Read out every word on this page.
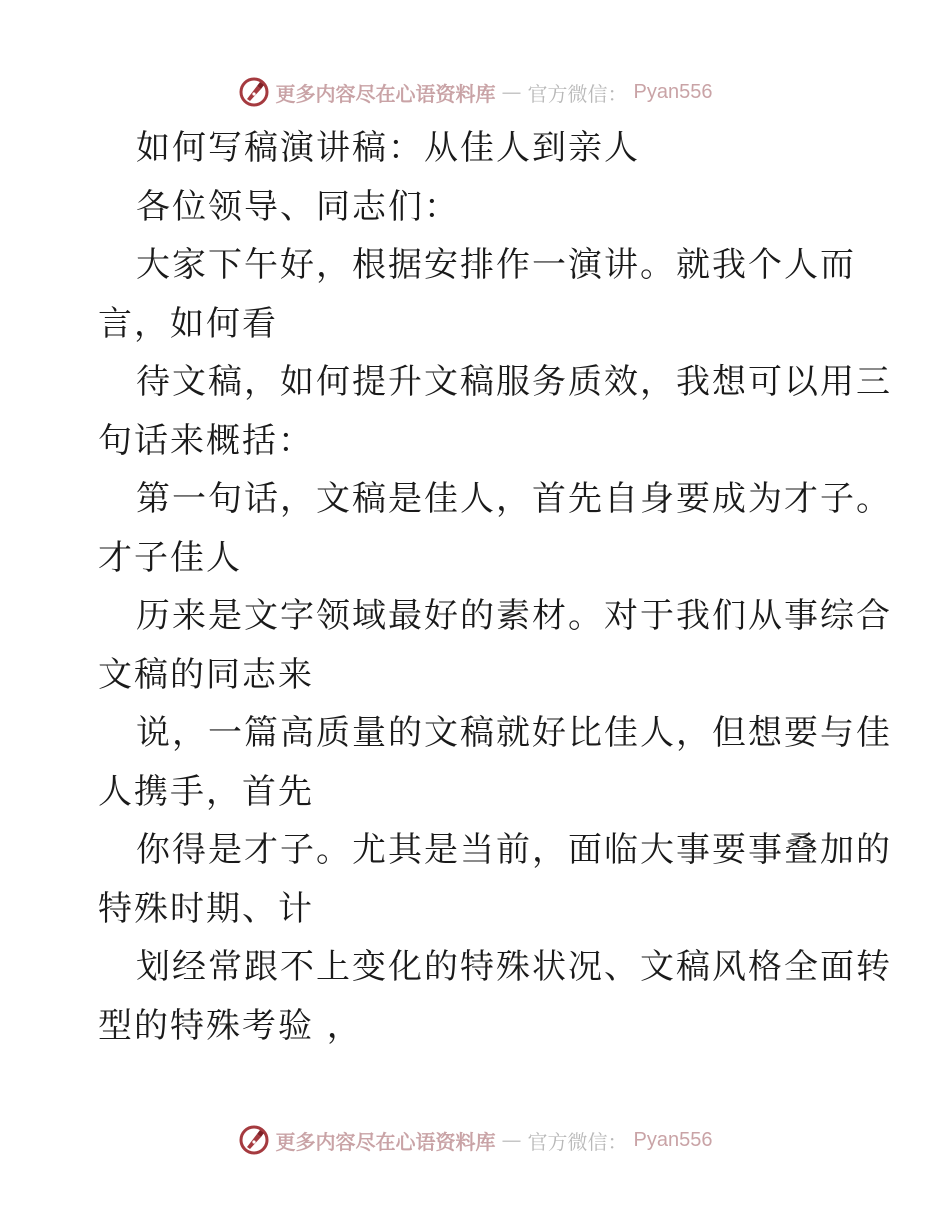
更多内容尽在心语资料库 — 官方微信： Pyan556
如何写稿演讲稿：从佳人到亲人
各位领导、同志们：
大家下午好，根据安排作一演讲。就我个人而
言，如何看
待文稿，如何提升文稿服务质效，我想可以用三
句话来概括：
第一句话，文稿是佳人，首先自身要成为才子。
才子佳人
历来是文字领域最好的素材。对于我们从事综合
文稿的同志来
说，一篇高质量的文稿就好比佳人，但想要与佳
人携手，首先
你得是才子。尤其是当前，面临大事要事叠加的
特殊时期、计
划经常跟不上变化的特殊状况、文稿风格全面转
型的特殊考验 ，
更多内容尽在心语资料库 — 官方微信： Pyan556
